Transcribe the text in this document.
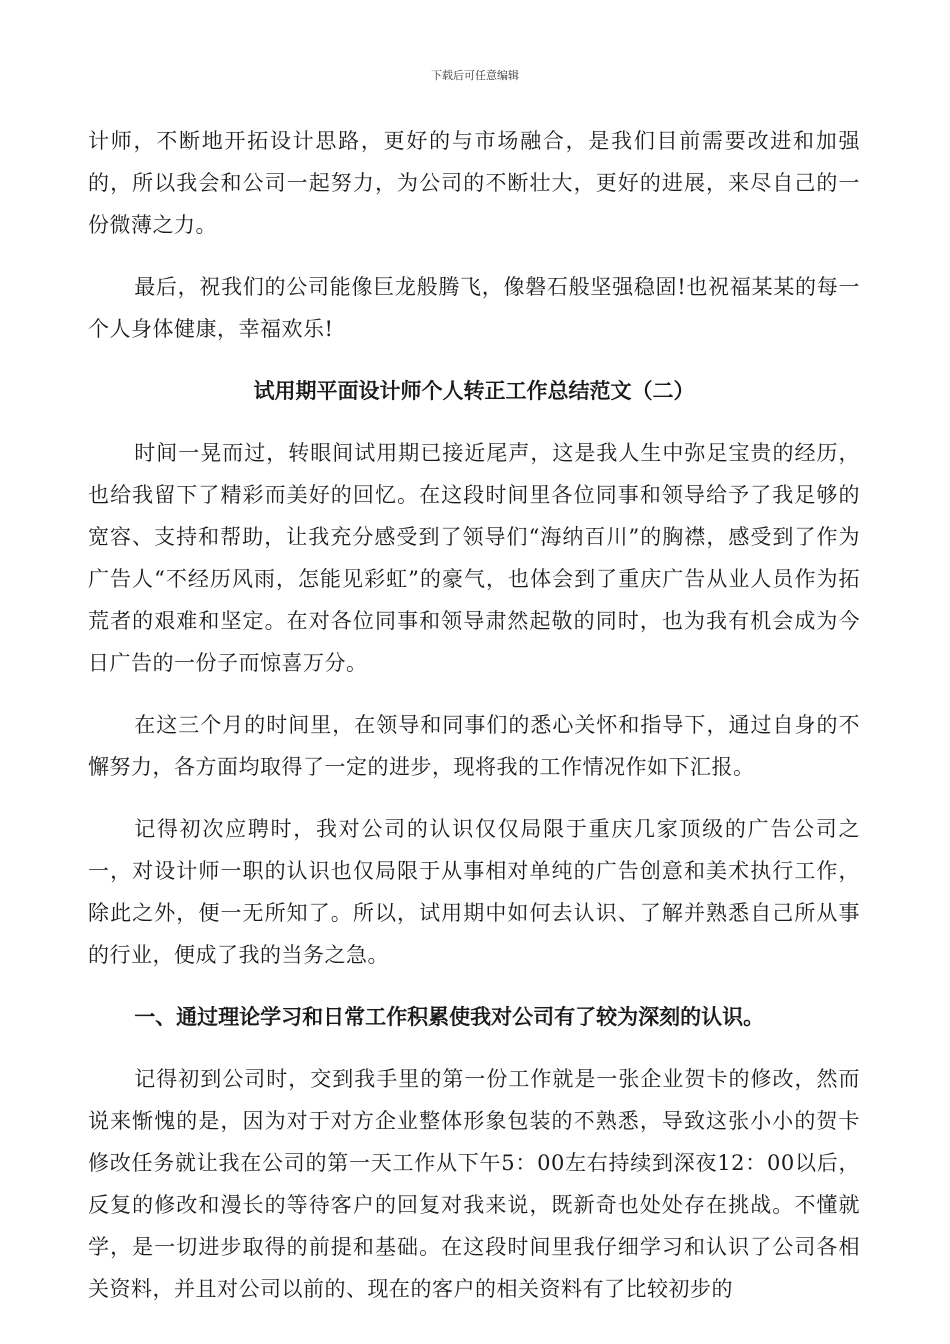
下载后可任意编辑

计师，不断地开拓设计思路，更好的与市场融合，是我们目前需要改进和加强的，所以我会和公司一起努力，为公司的不断壮大，更好的进展，来尽自己的一份微薄之力。

最后，祝我们的公司能像巨龙般腾飞，像磐石般坚强稳固!也祝福某某的每一个人身体健康，幸福欢乐!

试用期平面设计师个人转正工作总结范文（二）

时间一晃而过，转眼间试用期已接近尾声，这是我人生中弥足宝贵的经历，也给我留下了精彩而美好的回忆。在这段时间里各位同事和领导给予了我足够的宽容、支持和帮助，让我充分感受到了领导们“海纳百川”的胸襟，感受到了作为广告人“不经历风雨，怎能见彩虹”的豪气，也体会到了重庆广告从业人员作为拓荒者的艰难和坚定。在对各位同事和领导肃然起敬的同时，也为我有机会成为今日广告的一份子而惊喜万分。

在这三个月的时间里，在领导和同事们的悉心关怀和指导下，通过自身的不懈努力，各方面均取得了一定的进步，现将我的工作情况作如下汇报。

记得初次应聘时，我对公司的认识仅仅局限于重庆几家顶级的广告公司之一，对设计师一职的认识也仅局限于从事相对单纯的广告创意和美术执行工作，除此之外，便一无所知了。所以，试用期中如何去认识、了解并熟悉自己所从事的行业，便成了我的当务之急。

一、通过理论学习和日常工作积累使我对公司有了较为深刻的认识。

记得初到公司时，交到我手里的第一份工作就是一张企业贺卡的修改，然而说来惭愧的是，因为对于对方企业整体形象包装的不熟悉，导致这张小小的贺卡修改任务就让我在公司的第一天工作从下午5：00左右持续到深夜12：00以后，反复的修改和漫长的等待客户的回复对我来说，既新奇也处处存在挑战。不懂就学，是一切进步取得的前提和基础。在这段时间里我仔细学习和认识了公司各相关资料，并且对公司以前的、现在的客户的相关资料有了比较初步的
